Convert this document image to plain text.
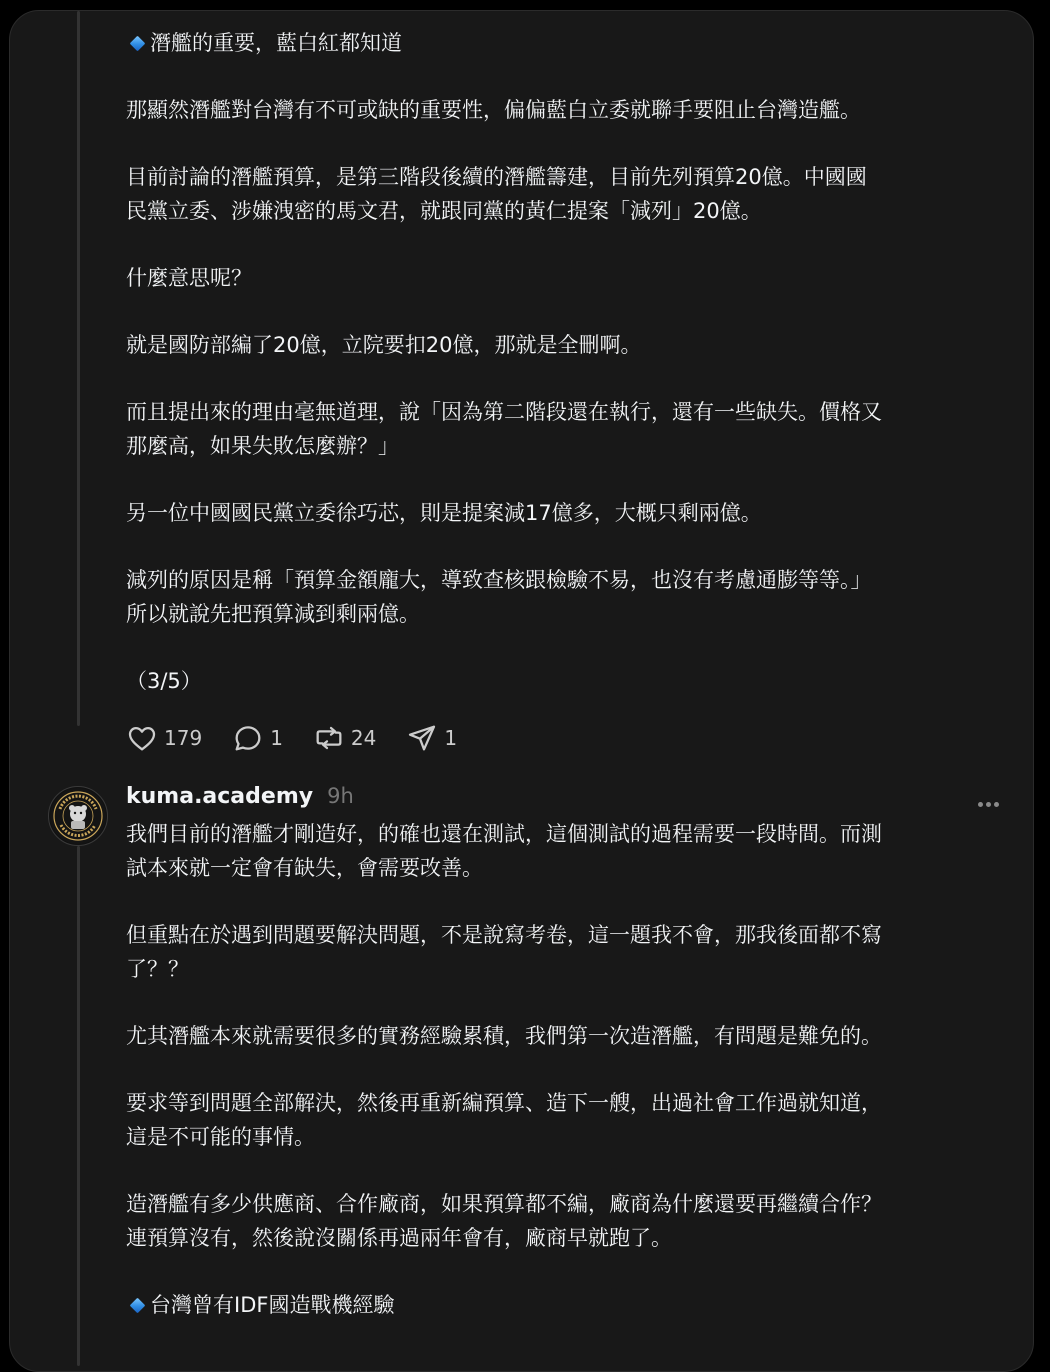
潛艦的重要，藍白紅都知道
那顯然潛艦對台灣有不可或缺的重要性，偏偏藍白立委就聯手要阻止台灣造艦。
目前討論的潛艦預算，是第三階段後續的潛艦籌建，目前先列預算20億。中國國
民黨立委、涉嫌洩密的馬文君，就跟同黨的黃仁提案「減列」20億。
什麼意思呢？
就是國防部編了20億，立院要扣20億，那就是全刪啊。
而且提出來的理由毫無道理，說「因為第二階段還在執行，還有一些缺失。價格又
那麼高，如果失敗怎麼辦？」
另一位中國國民黨立委徐巧芯，則是提案減17億多，大概只剩兩億。
減列的原因是稱「預算金額龐大，導致查核跟檢驗不易，也沒有考慮通膨等等。」
所以就說先把預算減到剩兩億。
（3/5）
179	1	24	1
kuma.academy 9h
我們目前的潛艦才剛造好，的確也還在測試，這個測試的過程需要一段時間。而測
試本來就一定會有缺失，會需要改善。
但重點在於遇到問題要解決問題，不是說寫考卷，這一題我不會，那我後面都不寫
了？？
尤其潛艦本來就需要很多的實務經驗累積，我們第一次造潛艦，有問題是難免的。
要求等到問題全部解決，然後再重新編預算、造下一艘，出過社會工作過就知道，
這是不可能的事情。
造潛艦有多少供應商、合作廠商，如果預算都不編，廠商為什麼還要再繼續合作？
連預算沒有，然後說沒關係再過兩年會有，廠商早就跑了。
台灣曾有IDF國造戰機經驗
